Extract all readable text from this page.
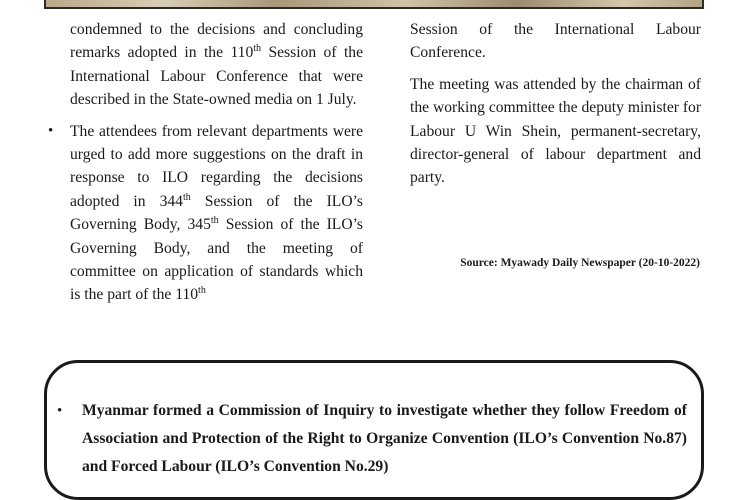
condemned to the decisions and concluding remarks adopted in the 110th Session of the International Labour Conference that were described in the State-owned media on 1 July.

• The attendees from relevant departments were urged to add more suggestions on the draft in response to ILO regarding the decisions adopted in 344th Session of the ILO’s Governing Body, 345th Session of the ILO’s Governing Body, and the meeting of committee on application of standards which is the part of the 110th

Session of the International Labour Conference.

The meeting was attended by the chairman of the working committee the deputy minister for Labour U Win Shein, permanent-secretary, director-general of labour department and party.

Source: Myawady Daily Newspaper (20-10-2022)
• Myanmar formed a Commission of Inquiry to investigate whether they follow Freedom of Association and Protection of the Right to Organize Convention (ILO’s Convention No.87) and Forced Labour (ILO’s Convention No.29)
